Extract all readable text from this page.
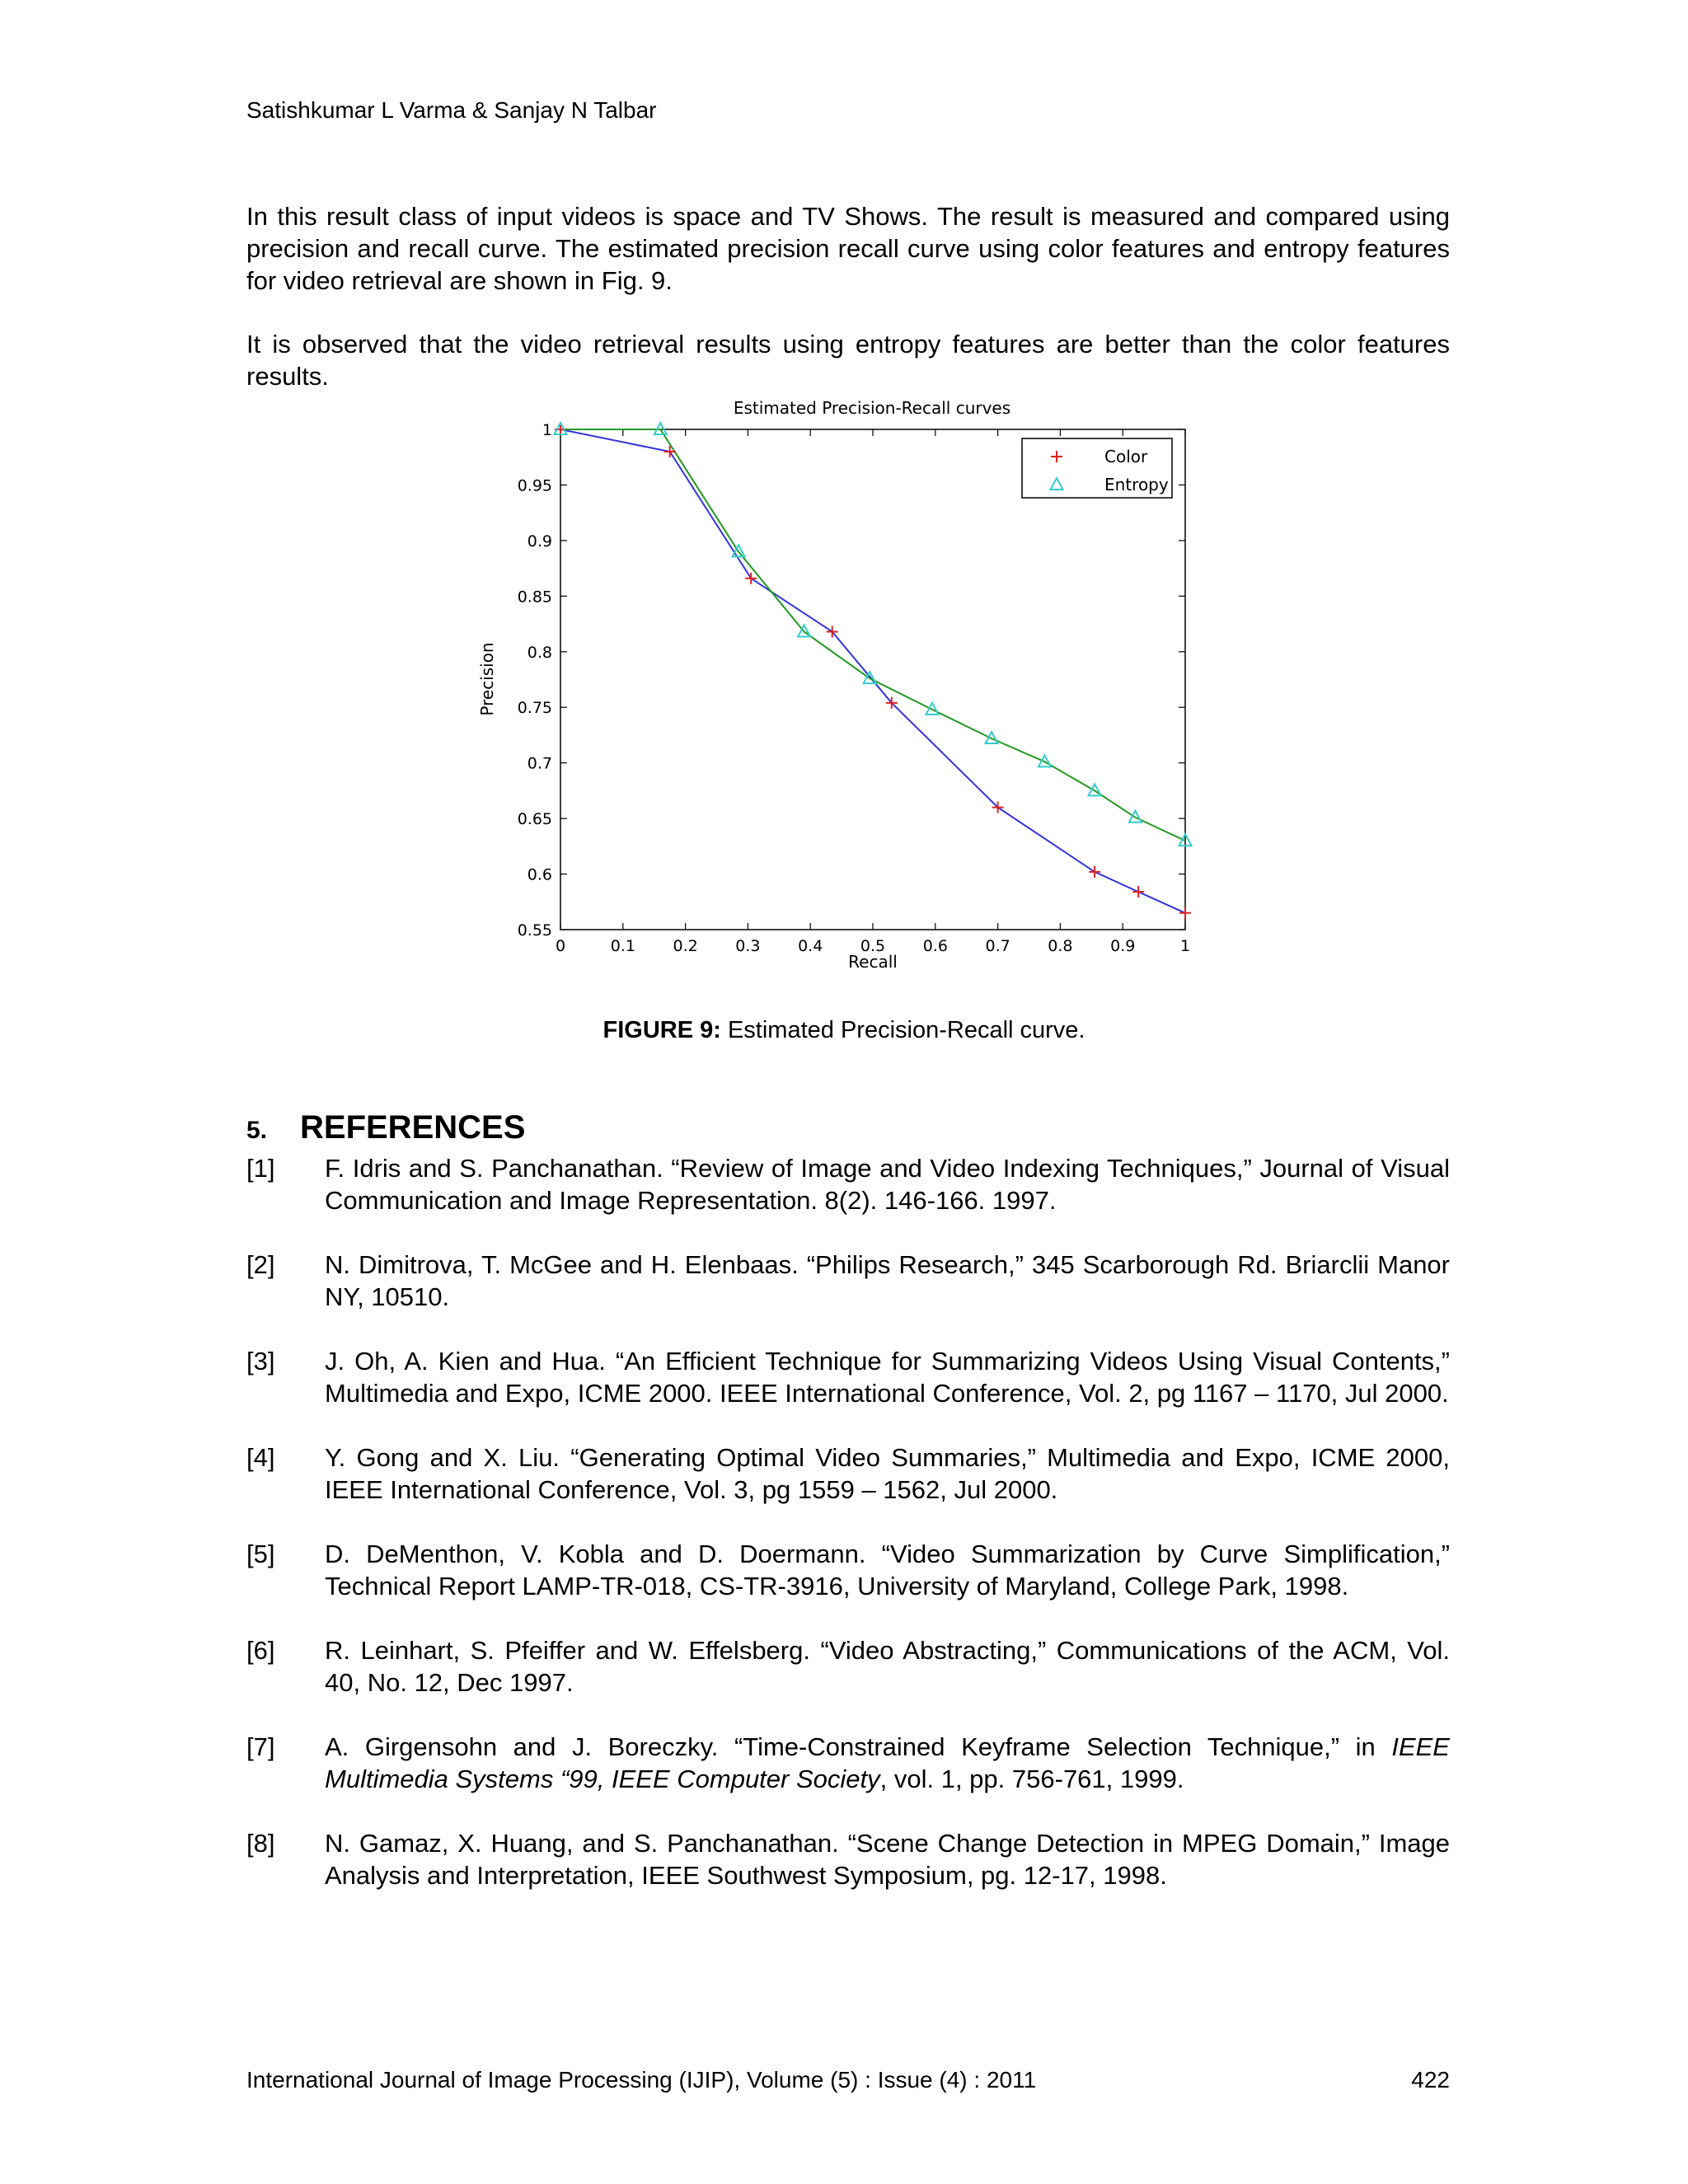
Satishkumar L Varma & Sanjay N Talbar

In this result class of input videos is space and TV Shows. The result is measured and compared using precision and recall curve. The estimated precision recall curve using color features and entropy features for video retrieval are shown in Fig. 9.

It is observed that the video retrieval results using entropy features are better than the color features results.

Estimated Precision-Recall curves
0	0.1 0.2 0.3 0.4 0.5 0.6 0.7 0.8 0.9	1
0.55
0.6
0.65
0.7
0.75
0.8
0.85
0.9
0.95
1
Recall
Precision
Color
Entropy
FIGURE 9: Estimated Precision-Recall curve.
5. REFERENCES
[1]	F. Idris and S. Panchanathan. “Review of Image and Video Indexing Techniques,” Journal of Visual Communication and Image Representation. 8(2). 146-166. 1997.
[2]	N. Dimitrova, T. McGee and H. Elenbaas. “Philips Research,” 345 Scarborough Rd. Briarclii Manor NY, 10510.
[3]	J. Oh, A. Kien and Hua. “An Efficient Technique for Summarizing Videos Using Visual Contents,” Multimedia and Expo, ICME 2000. IEEE International Conference, Vol. 2, pg 1167 – 1170, Jul 2000.
[4]	Y. Gong and X. Liu. “Generating Optimal Video Summaries,” Multimedia and Expo, ICME 2000, IEEE International Conference, Vol. 3, pg 1559 – 1562, Jul 2000.
[5]	D. DeMenthon, V. Kobla and D. Doermann. “Video Summarization by Curve Simplification,” Technical Report LAMP-TR-018, CS-TR-3916, University of Maryland, College Park, 1998.
[6]	R. Leinhart, S. Pfeiffer and W. Effelsberg. “Video Abstracting,” Communications of the ACM, Vol. 40, No. 12, Dec 1997.
[7]	A. Girgensohn and J. Boreczky. “Time-Constrained Keyframe Selection Technique,” in IEEE Multimedia Systems “99, IEEE Computer Society, vol. 1, pp. 756-761, 1999.
[8]	N. Gamaz, X. Huang, and S. Panchanathan. “Scene Change Detection in MPEG Domain,” Image Analysis and Interpretation, IEEE Southwest Symposium, pg. 12-17, 1998.
International Journal of Image Processing (IJIP), Volume (5) : Issue (4) : 2011	422
